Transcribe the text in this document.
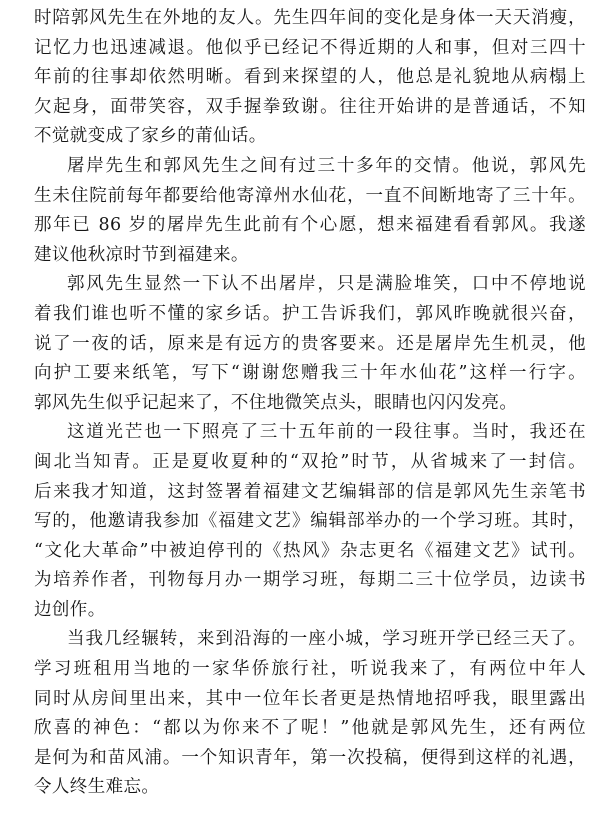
时陪郭风先生在外地的友人。先生四年间的变化是身体一天天消瘦，
记忆力也迅速减退。他似乎已经记不得近期的人和事，但对三四十
年前的往事却依然明晰。看到来探望的人，他总是礼貌地从病榻上
欠起身，面带笑容，双手握拳致谢。往往开始讲的是普通话，不知
不觉就变成了家乡的莆仙话。
屠岸先生和郭风先生之间有过三十多年的交情。他说，郭风先
生未住院前每年都要给他寄漳州水仙花，一直不间断地寄了三十年。
那年已 86 岁的屠岸先生此前有个心愿，想来福建看看郭风。我遂
建议他秋凉时节到福建来。
郭风先生显然一下认不出屠岸，只是满脸堆笑，口中不停地说
着我们谁也听不懂的家乡话。护工告诉我们，郭风昨晚就很兴奋，
说了一夜的话，原来是有远方的贵客要来。还是屠岸先生机灵，他
向护工要来纸笔，写下“谢谢您赠我三十年水仙花”这样一行字。
郭风先生似乎记起来了，不住地微笑点头，眼睛也闪闪发亮。
这道光芒也一下照亮了三十五年前的一段往事。当时，我还在
闽北当知青。正是夏收夏种的“双抢”时节，从省城来了一封信。
后来我才知道，这封签署着福建文艺编辑部的信是郭风先生亲笔书
写的，他邀请我参加《福建文艺》编辑部举办的一个学习班。其时，
“文化大革命”中被迫停刊的《热风》杂志更名《福建文艺》试刊。
为培养作者，刊物每月办一期学习班，每期二三十位学员，边读书
边创作。
当我几经辗转，来到沿海的一座小城，学习班开学已经三天了。
学习班租用当地的一家华侨旅行社，听说我来了，有两位中年人
同时从房间里出来，其中一位年长者更是热情地招呼我，眼里露出
欣喜的神色：“都以为你来不了呢！”他就是郭风先生，还有两位
是何为和苗风浦。一个知识青年，第一次投稿，便得到这样的礼遇，
令人终生难忘。
